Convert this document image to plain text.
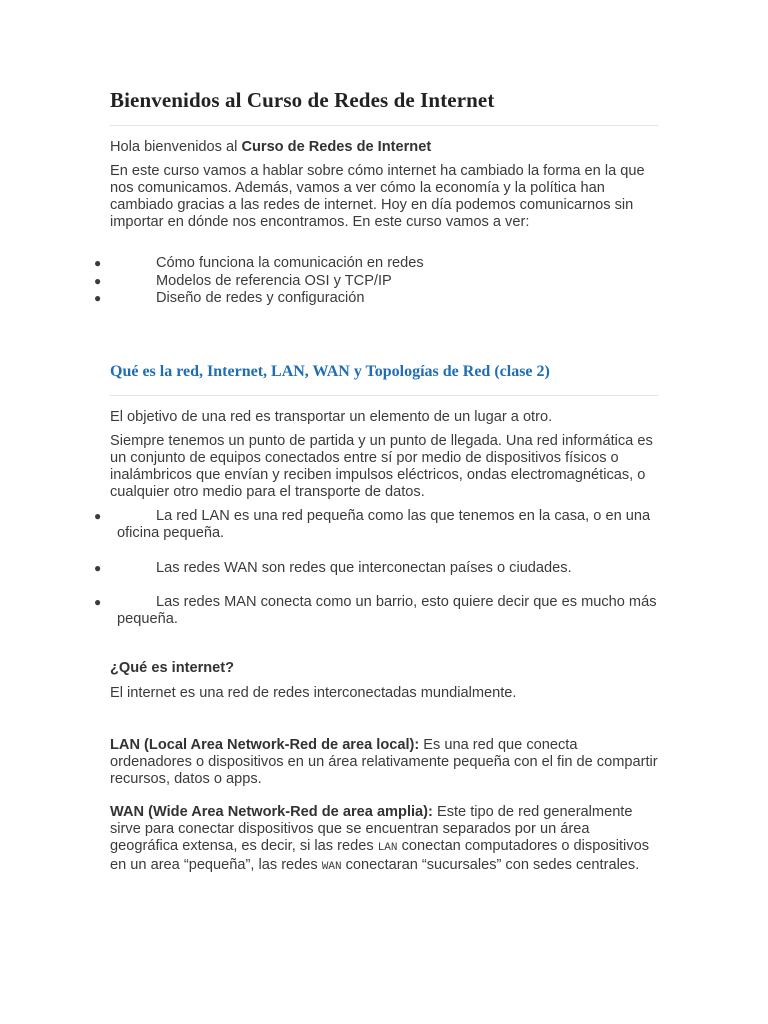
Bienvenidos al Curso de Redes de Internet

Hola bienvenidos al Curso de Redes de Internet

En este curso vamos a hablar sobre cómo internet ha cambiado la forma en la que nos comunicamos. Además, vamos a ver cómo la economía y la política han cambiado gracias a las redes de internet. Hoy en día podemos comunicarnos sin importar en dónde nos encontramos. En este curso vamos a ver:

●	Cómo funciona la comunicación en redes
●	Modelos de referencia OSI y TCP/IP
●	Diseño de redes y configuración
Qué es la red, Internet, LAN, WAN y Topologías de Red (clase 2)

El objetivo de una red es transportar un elemento de un lugar a otro.

Siempre tenemos un punto de partida y un punto de llegada. Una red informática es un conjunto de equipos conectados entre sí por medio de dispositivos físicos o inalámbricos que envían y reciben impulsos eléctricos, ondas electromagnéticas, o cualquier otro medio para el transporte de datos.

●	La red LAN es una red pequeña como las que tenemos en la casa, o en una oficina pequeña.
●	Las redes WAN son redes que interconectan países o ciudades.
●	Las redes MAN conecta como un barrio, esto quiere decir que es mucho más pequeña.
¿Qué es internet?

El internet es una red de redes interconectadas mundialmente.

LAN (Local Area Network-Red de area local): Es una red que conecta ordenadores o dispositivos en un área relativamente pequeña con el fin de compartir recursos, datos o apps.

WAN (Wide Area Network-Red de area amplia): Este tipo de red generalmente sirve para conectar dispositivos que se encuentran separados por un área geográfica extensa, es decir, si las redes LAN conectan computadores o dispositivos en un area “pequeña”, las redes WAN conectaran “sucursales” con sedes centrales.
